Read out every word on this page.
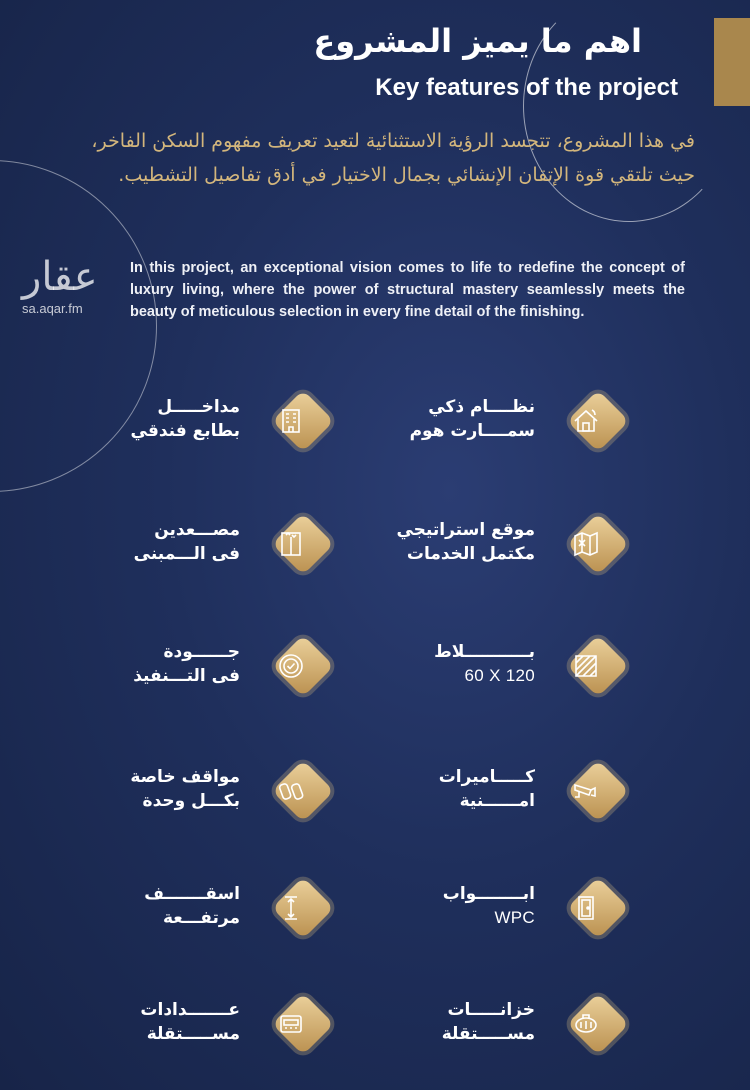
اهم ما يميز المشروع
Key features of the project
في هذا المشروع، تتجسد الرؤية الاستثنائية لتعيد تعريف مفهوم السكن الفاخر، حيث تلتقي قوة الإتقان الإنشائي بجمال الاختيار في أدق تفاصيل التشطيب.
In this project, an exceptional vision comes to life to redefine the concept of luxury living, where the power of structural mastery seamlessly meets the beauty of meticulous selection in every fine detail of the finishing.
عقار
sa.aqar.fm
مداخـــــل
بطابع فندقي
نظــــام ذكي
سمــــارت هوم
مصـــعدين
فى الـــمبنى
موقع استراتيجي
مكتمل الخدمات
جــــــودة
فى التـــنفيذ
بـــــــــــلاط
60 X 120
مواقف خاصة
بكـــل وحدة
كـــــاميرات
امــــــنية
اسقـــــــف
مرتفـــعة
ابــــــــواب
WPC
عـــــــدادات
مســـــتقلة
خزانـــــات
مســـــتقلة
